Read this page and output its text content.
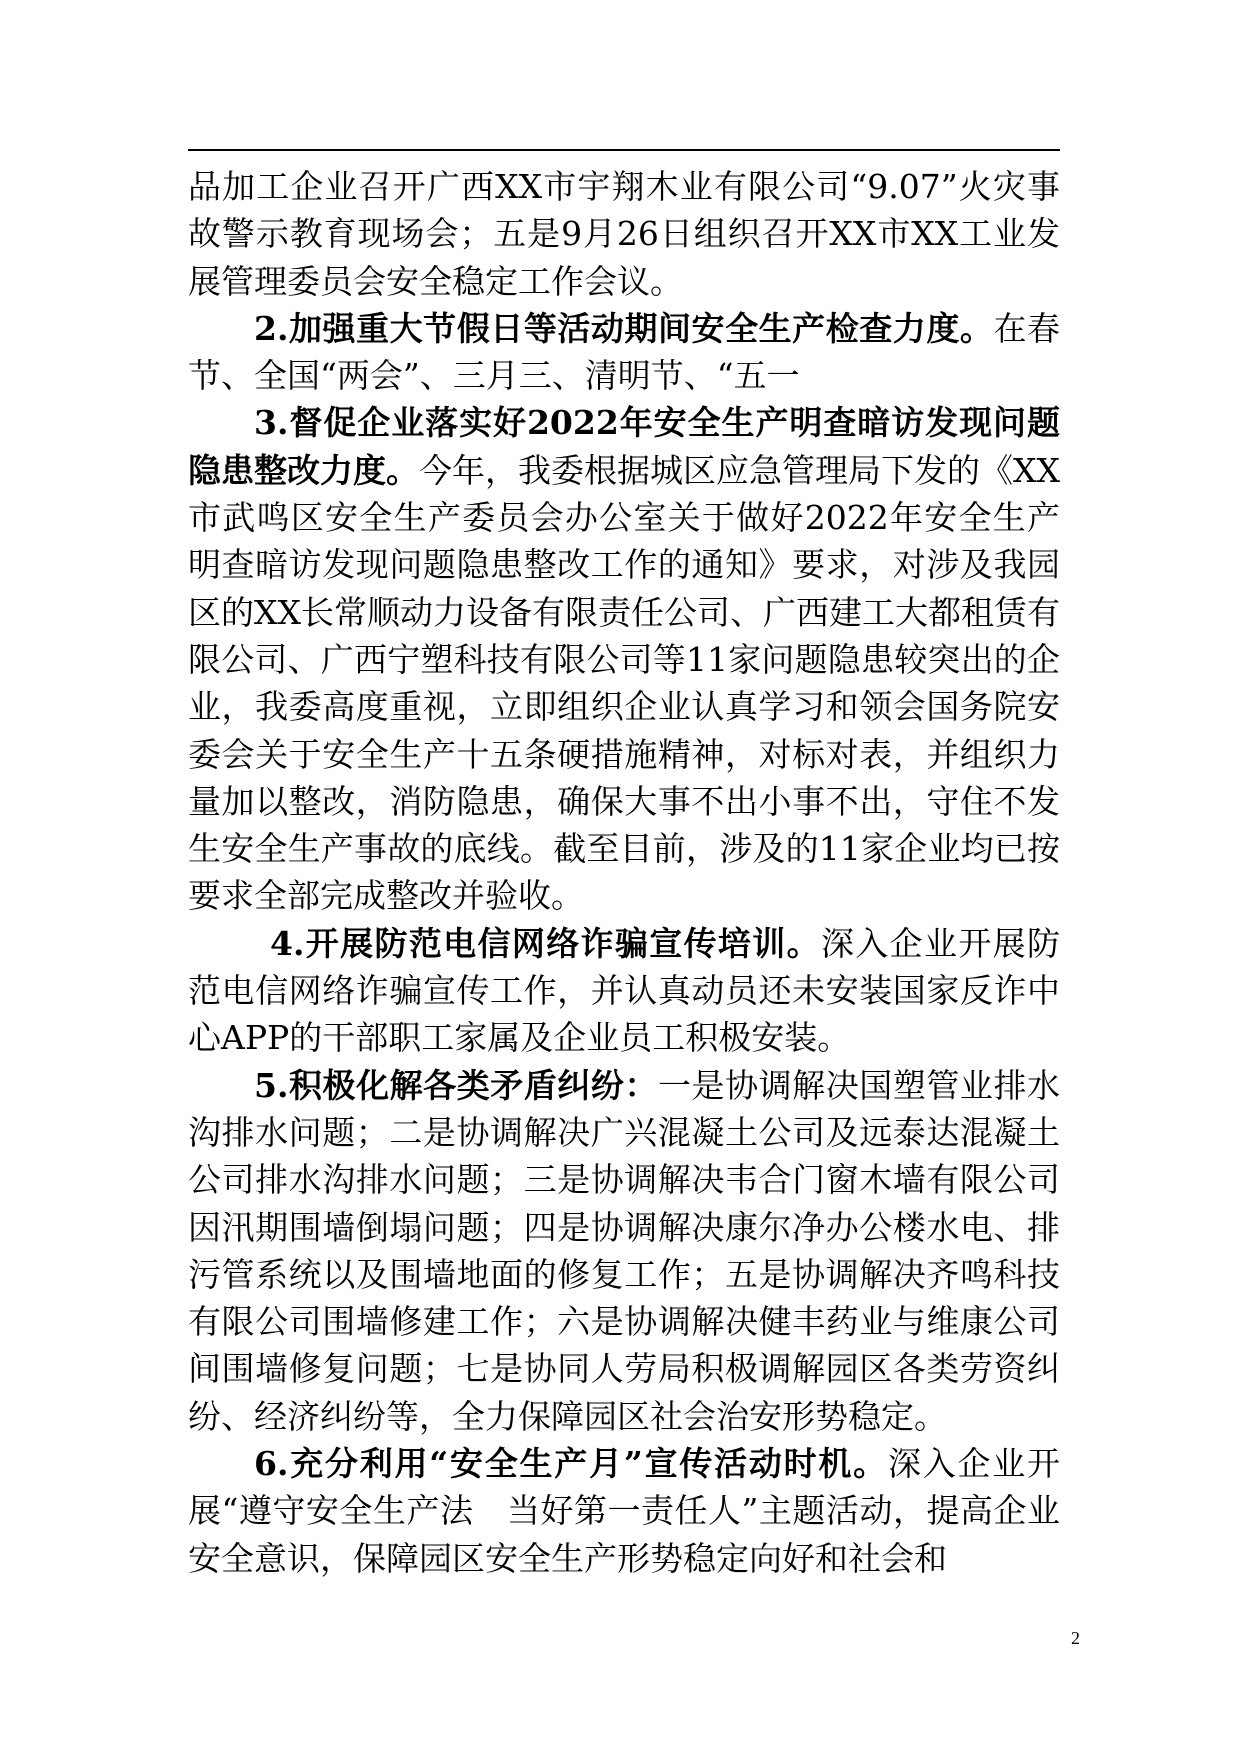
品加工企业召开广西XX市宇翔木业有限公司“9.07”火灾事故警示教育现场会；五是9月26日组织召开XX市XX工业发展管理委员会安全稳定工作会议。

2.加强重大节假日等活动期间安全生产检查力度。在春节、全国“两会”、三月三、清明节、“五一

3.督促企业落实好2022年安全生产明查暗访发现问题隐患整改力度。今年，我委根据城区应急管理局下发的《XX市武鸣区安全生产委员会办公室关于做好2022年安全生产明查暗访发现问题隐患整改工作的通知》要求，对涉及我园区的XX长常顺动力设备有限责任公司、广西建工大都租赁有限公司、广西宁塑科技有限公司等11家问题隐患较突出的企业，我委高度重视，立即组织企业认真学习和领会国务院安委会关于安全生产十五条硬措施精神，对标对表，并组织力量加以整改，消防隐患，确保大事不出小事不出，守住不发生安全生产事故的底线。截至目前，涉及的11家企业均已按要求全部完成整改并验收。

4.开展防范电信网络诈骗宣传培训。深入企业开展防范电信网络诈骗宣传工作，并认真动员还未安装国家反诈中心APP的干部职工家属及企业员工积极安装。

5.积极化解各类矛盾纠纷：一是协调解决国塑管业排水沟排水问题；二是协调解决广兴混凝土公司及远泰达混凝土公司排水沟排水问题；三是协调解决韦合门窗木墙有限公司因汛期围墙倒塌问题；四是协调解决康尔净办公楼水电、排污管系统以及围墙地面的修复工作；五是协调解决齐鸣科技有限公司围墙修建工作；六是协调解决健丰药业与维康公司间围墙修复问题；七是协同人劳局积极调解园区各类劳资纠纷、经济纠纷等，全力保障园区社会治安形势稳定。

6.充分利用“安全生产月”宣传活动时机。深入企业开展“遵守安全生产法　当好第一责任人”主题活动，提高企业安全意识，保障园区安全生产形势稳定向好和社会和

2
